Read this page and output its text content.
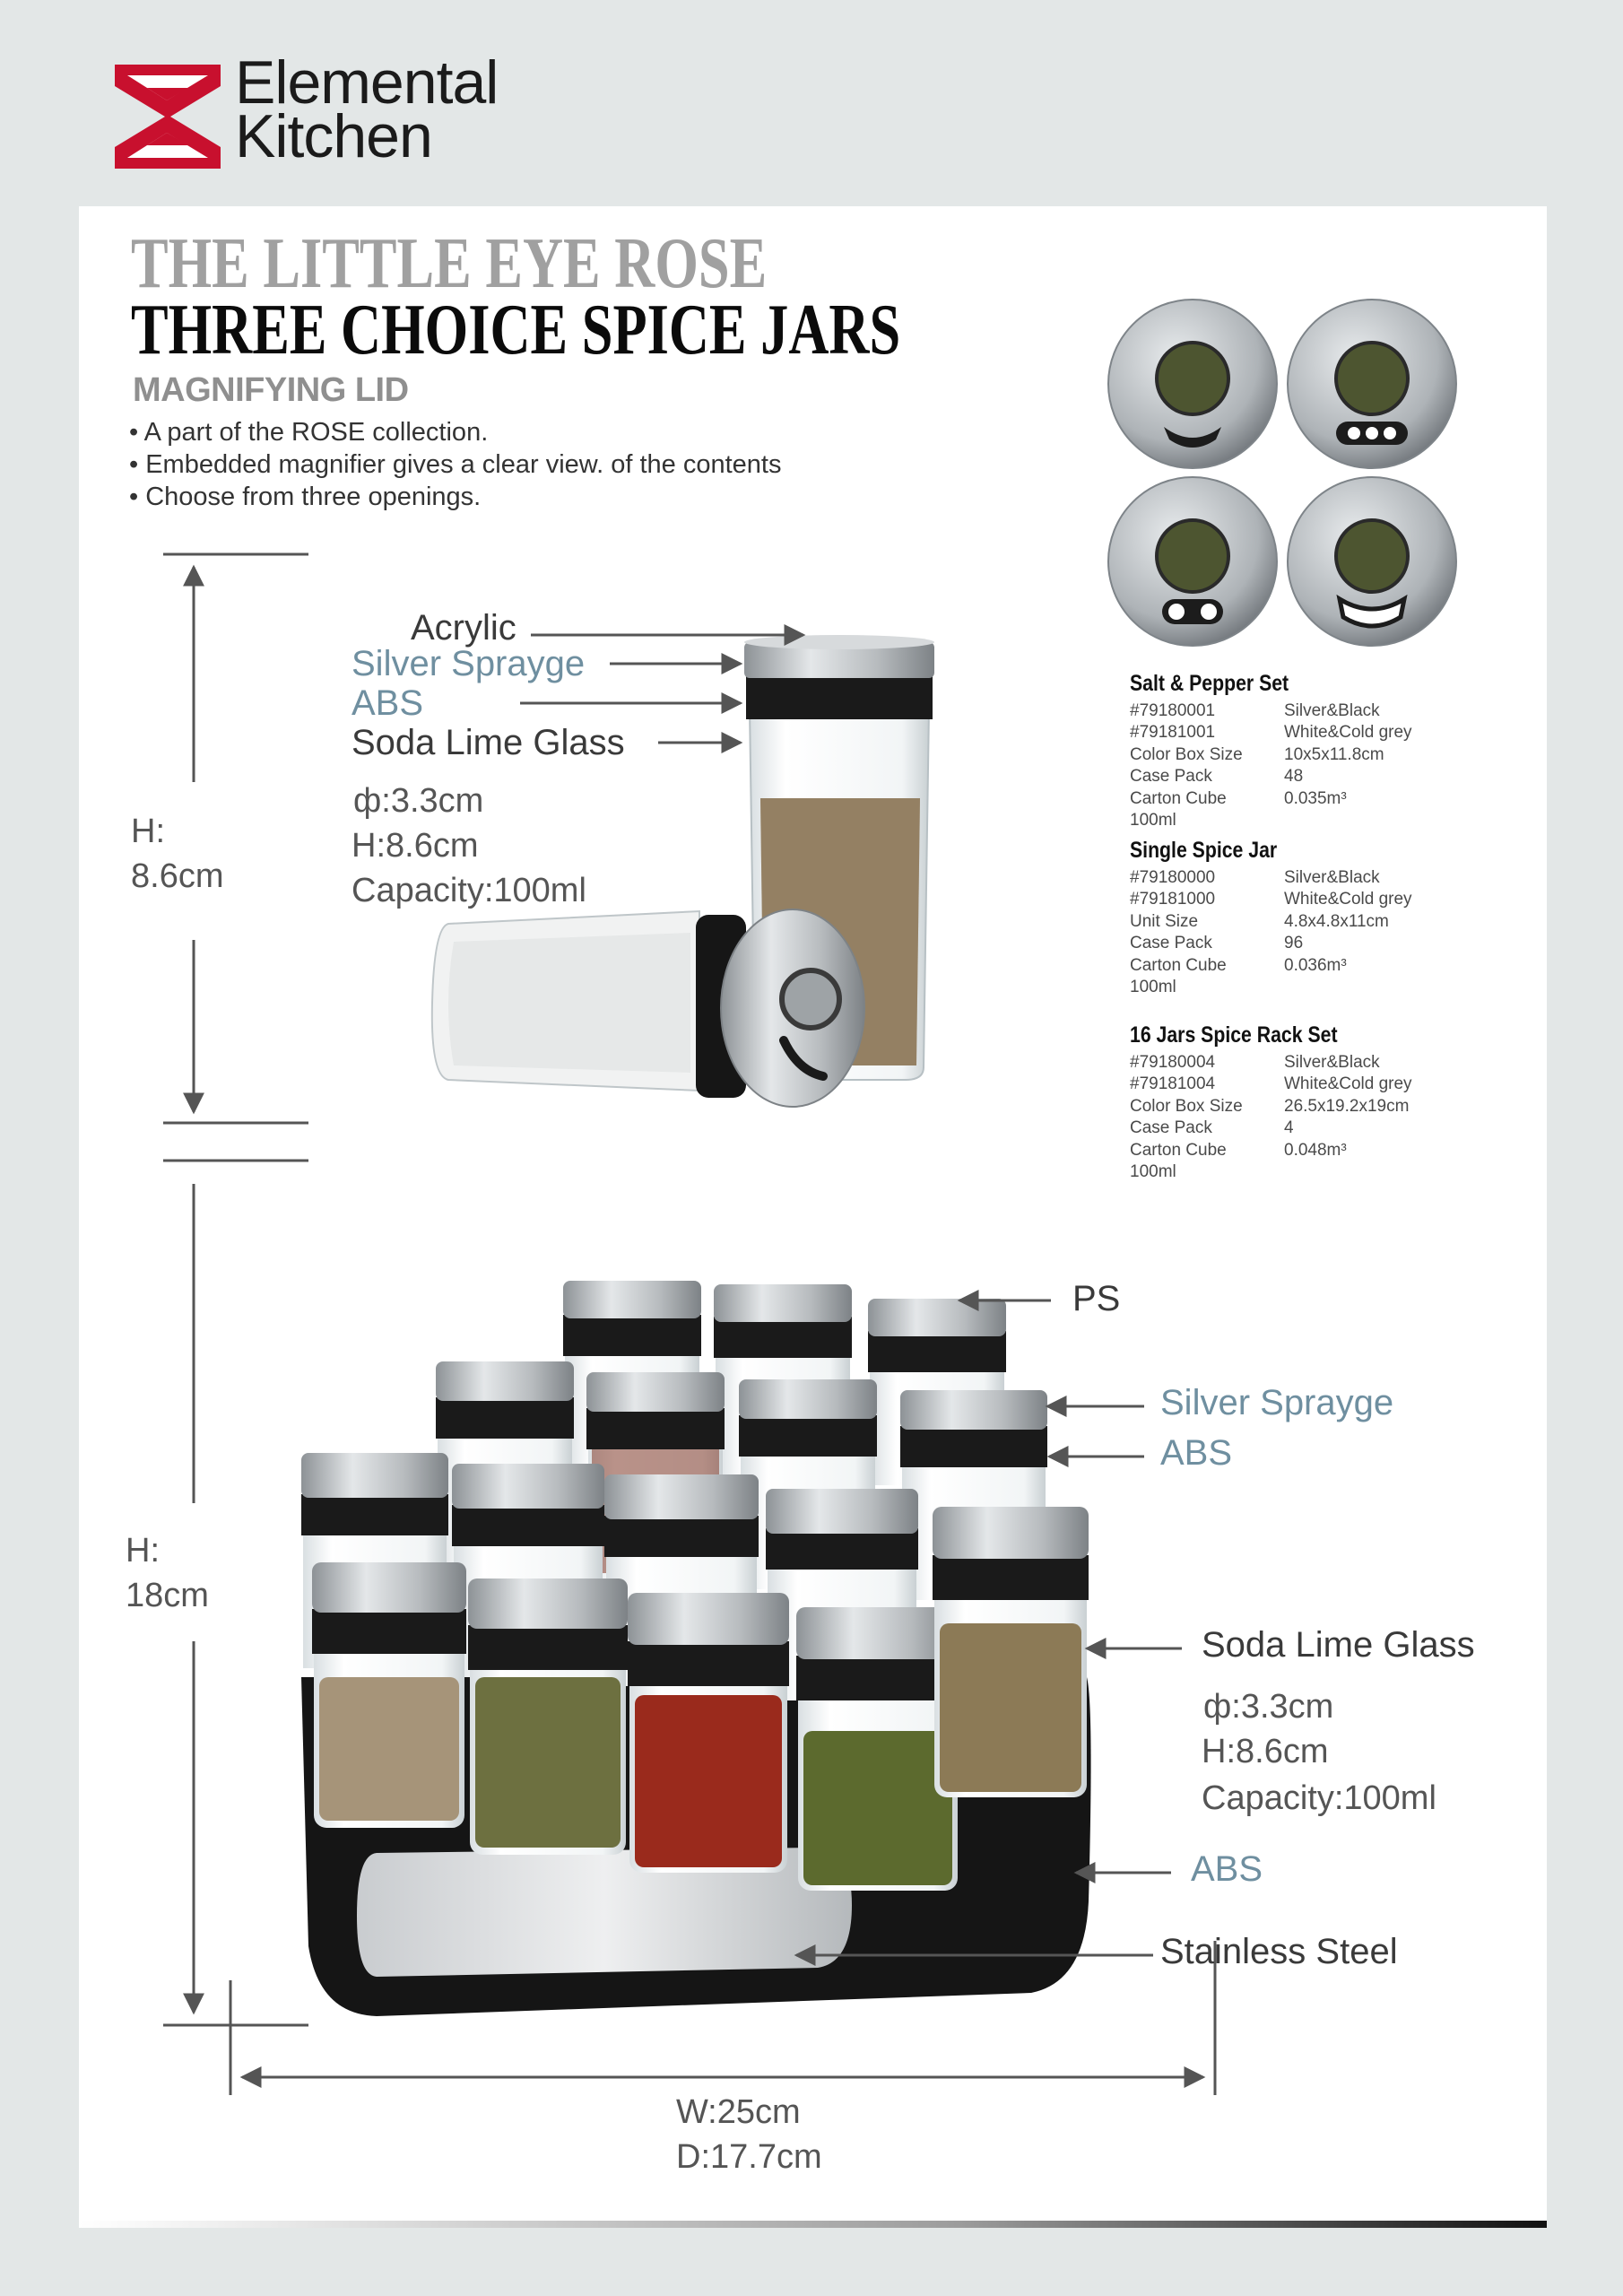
Elemental
Kitchen
THE LITTLE EYE ROSE
THREE CHOICE SPICE JARS
MAGNIFYING LID
• A part of the ROSE collection.
• Embedded magnifier gives a clear view. of the contents
• Choose from three openings.
Acrylic
Silver Sprayge
ABS
Soda Lime Glass
ф:3.3cm
H:8.6cm
Capacity:100ml
H:
8.6cm
Salt & Pepper Set
#79180001	Silver&Black
#79181001	White&Cold grey
Color Box Size	10x5x11.8cm
Case Pack	48
Carton Cube	0.035m³
100ml
Single Spice Jar
#79180000	Silver&Black
#79181000	White&Cold grey
Unit Size	4.8x4.8x11cm
Case Pack	96
Carton Cube	0.036m³
100ml
16 Jars Spice Rack Set
#79180004	Silver&Black
#79181004	White&Cold grey
Color Box Size	26.5x19.2x19cm
Case Pack	4
Carton Cube	0.048m³
100ml
PS
Silver Sprayge
ABS
Soda Lime Glass
ф:3.3cm
H:8.6cm
Capacity:100ml
ABS
Stainless Steel
H:
18cm
W:25cm
D:17.7cm
